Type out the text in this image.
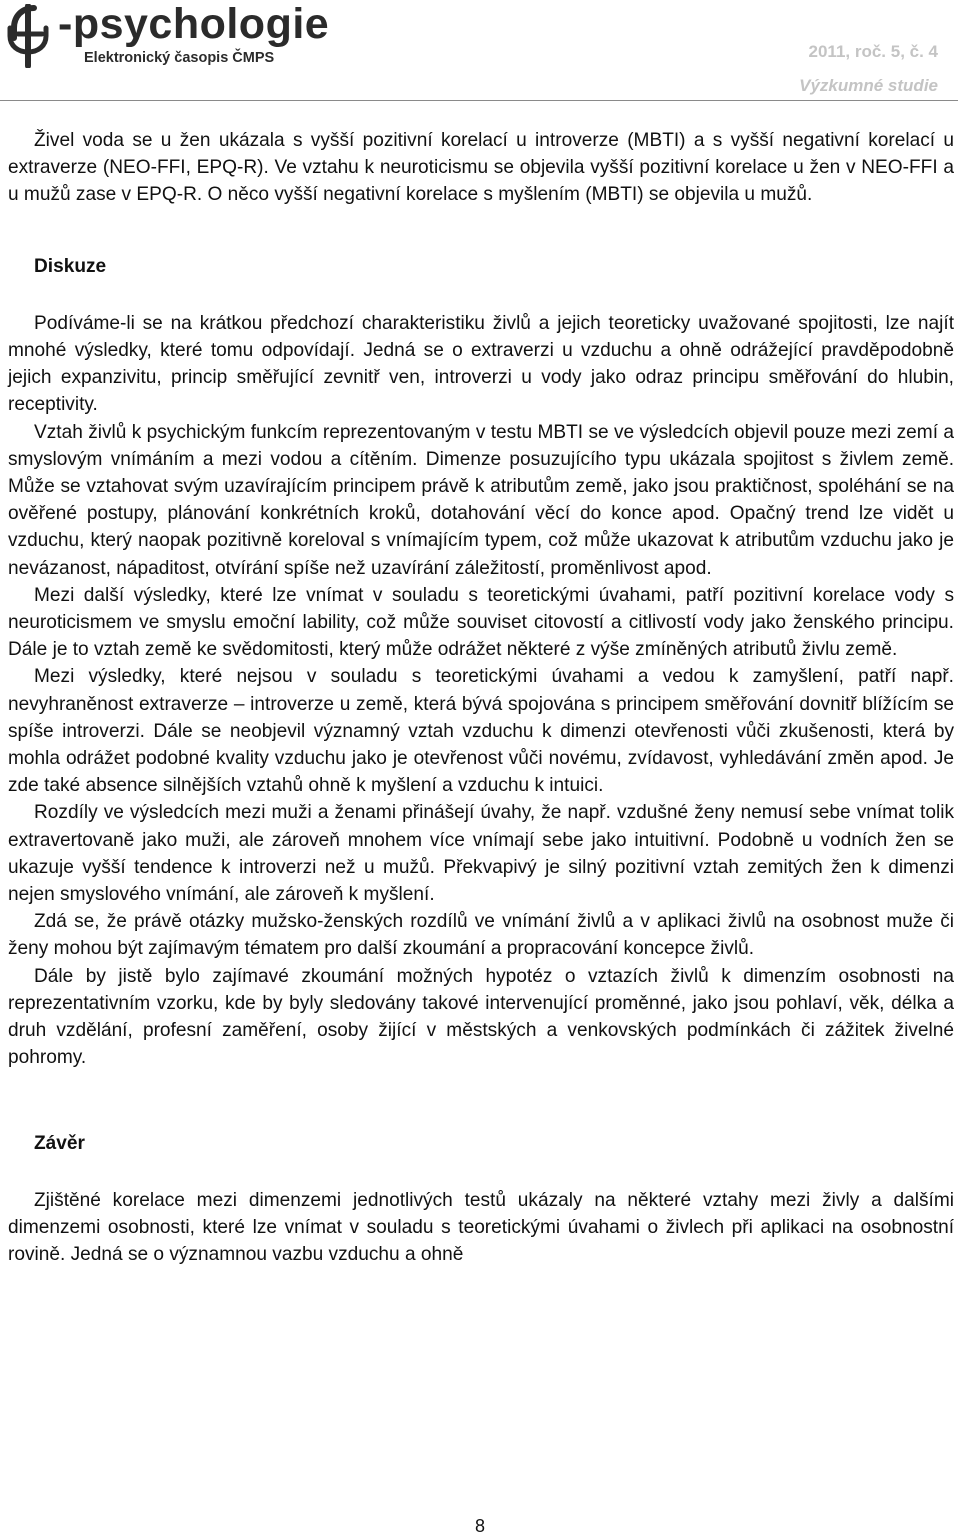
-psychologie
Elektronický časopis ČMPS	2011, roč. 5, č. 4
Výzkumné studie

Živel voda se u žen ukázala s vyšší pozitivní korelací u introverze (MBTI) a s vyšší negativní korelací u extraverze (NEO-FFI, EPQ-R). Ve vztahu k neuroticismu se objevila vyšší pozitivní korelace u žen v NEO-FFI a u mužů zase v EPQ-R. O něco vyšší negativní korelace s myšlením (MBTI) se objevila u mužů.

Diskuze

Podíváme-li se na krátkou předchozí charakteristiku živlů a jejich teoreticky uvažované spojitosti, lze najít mnohé výsledky, které tomu odpovídají. Jedná se o extraverzi u vzduchu a ohně odrážející pravděpodobně jejich expanzivitu, princip směřující zevnitř ven, introverzi u vody jako odraz principu směřování do hlubin, receptivity.

Vztah živlů k psychickým funkcím reprezentovaným v testu MBTI se ve výsledcích objevil pouze mezi zemí a smyslovým vnímáním a mezi vodou a cítěním. Dimenze posuzujícího typu ukázala spojitost s živlem země. Může se vztahovat svým uzavírajícím principem právě k atributům země, jako jsou praktičnost, spoléhání se na ověřené postupy, plánování konkrétních kroků, dotahování věcí do konce apod. Opačný trend lze vidět u vzduchu, který naopak pozitivně koreloval s vnímajícím typem, což může ukazovat k atributům vzduchu jako je nevázanost, nápaditost, otvírání spíše než uzavírání záležitostí, proměnlivost apod.

Mezi další výsledky, které lze vnímat v souladu s teoretickými úvahami, patří pozitivní korelace vody s neuroticismem ve smyslu emoční lability, což může souviset citovostí a citlivostí vody jako ženského principu. Dále je to vztah země ke svědomitosti, který může odrážet některé z výše zmíněných atributů živlu země.

Mezi výsledky, které nejsou v souladu s teoretickými úvahami a vedou k zamyšlení, patří např. nevyhraněnost extraverze – introverze u země, která bývá spojována s principem směřování dovnitř blížícím se spíše introverzi. Dále se neobjevil významný vztah vzduchu k dimenzi otevřenosti vůči zkušenosti, která by mohla odrážet podobné kvality vzduchu jako je otevřenost vůči novému, zvídavost, vyhledávání změn apod. Je zde také absence silnějších vztahů ohně k myšlení a vzduchu k intuici.

Rozdíly ve výsledcích mezi muži a ženami přinášejí úvahy, že např. vzdušné ženy nemusí sebe vnímat tolik extravertovaně jako muži, ale zároveň mnohem více vnímají sebe jako intuitivní. Podobně u vodních žen se ukazuje vyšší tendence k introverzi než u mužů. Překvapivý je silný pozitivní vztah zemitých žen k dimenzi nejen smyslového vnímání, ale zároveň k myšlení.

Zdá se, že právě otázky mužsko-ženských rozdílů ve vnímání živlů a v aplikaci živlů na osobnost muže či ženy mohou být zajímavým tématem pro další zkoumání a propracování koncepce živlů.

Dále by jistě bylo zajímavé zkoumání možných hypotéz o vztazích živlů k dimenzím osobnosti na reprezentativním vzorku, kde by byly sledovány takové intervenující proměnné, jako jsou pohlaví, věk, délka a druh vzdělání, profesní zaměření, osoby žijící v městských a venkovských podmínkách či zážitek živelné pohromy.

Závěr

Zjištěné korelace mezi dimenzemi jednotlivých testů ukázaly na některé vztahy mezi živly a dalšími dimenzemi osobnosti, které lze vnímat v souladu s teoretickými úvahami o živlech při aplikaci na osobnostní rovině. Jedná se o významnou vazbu vzduchu a ohně

8
